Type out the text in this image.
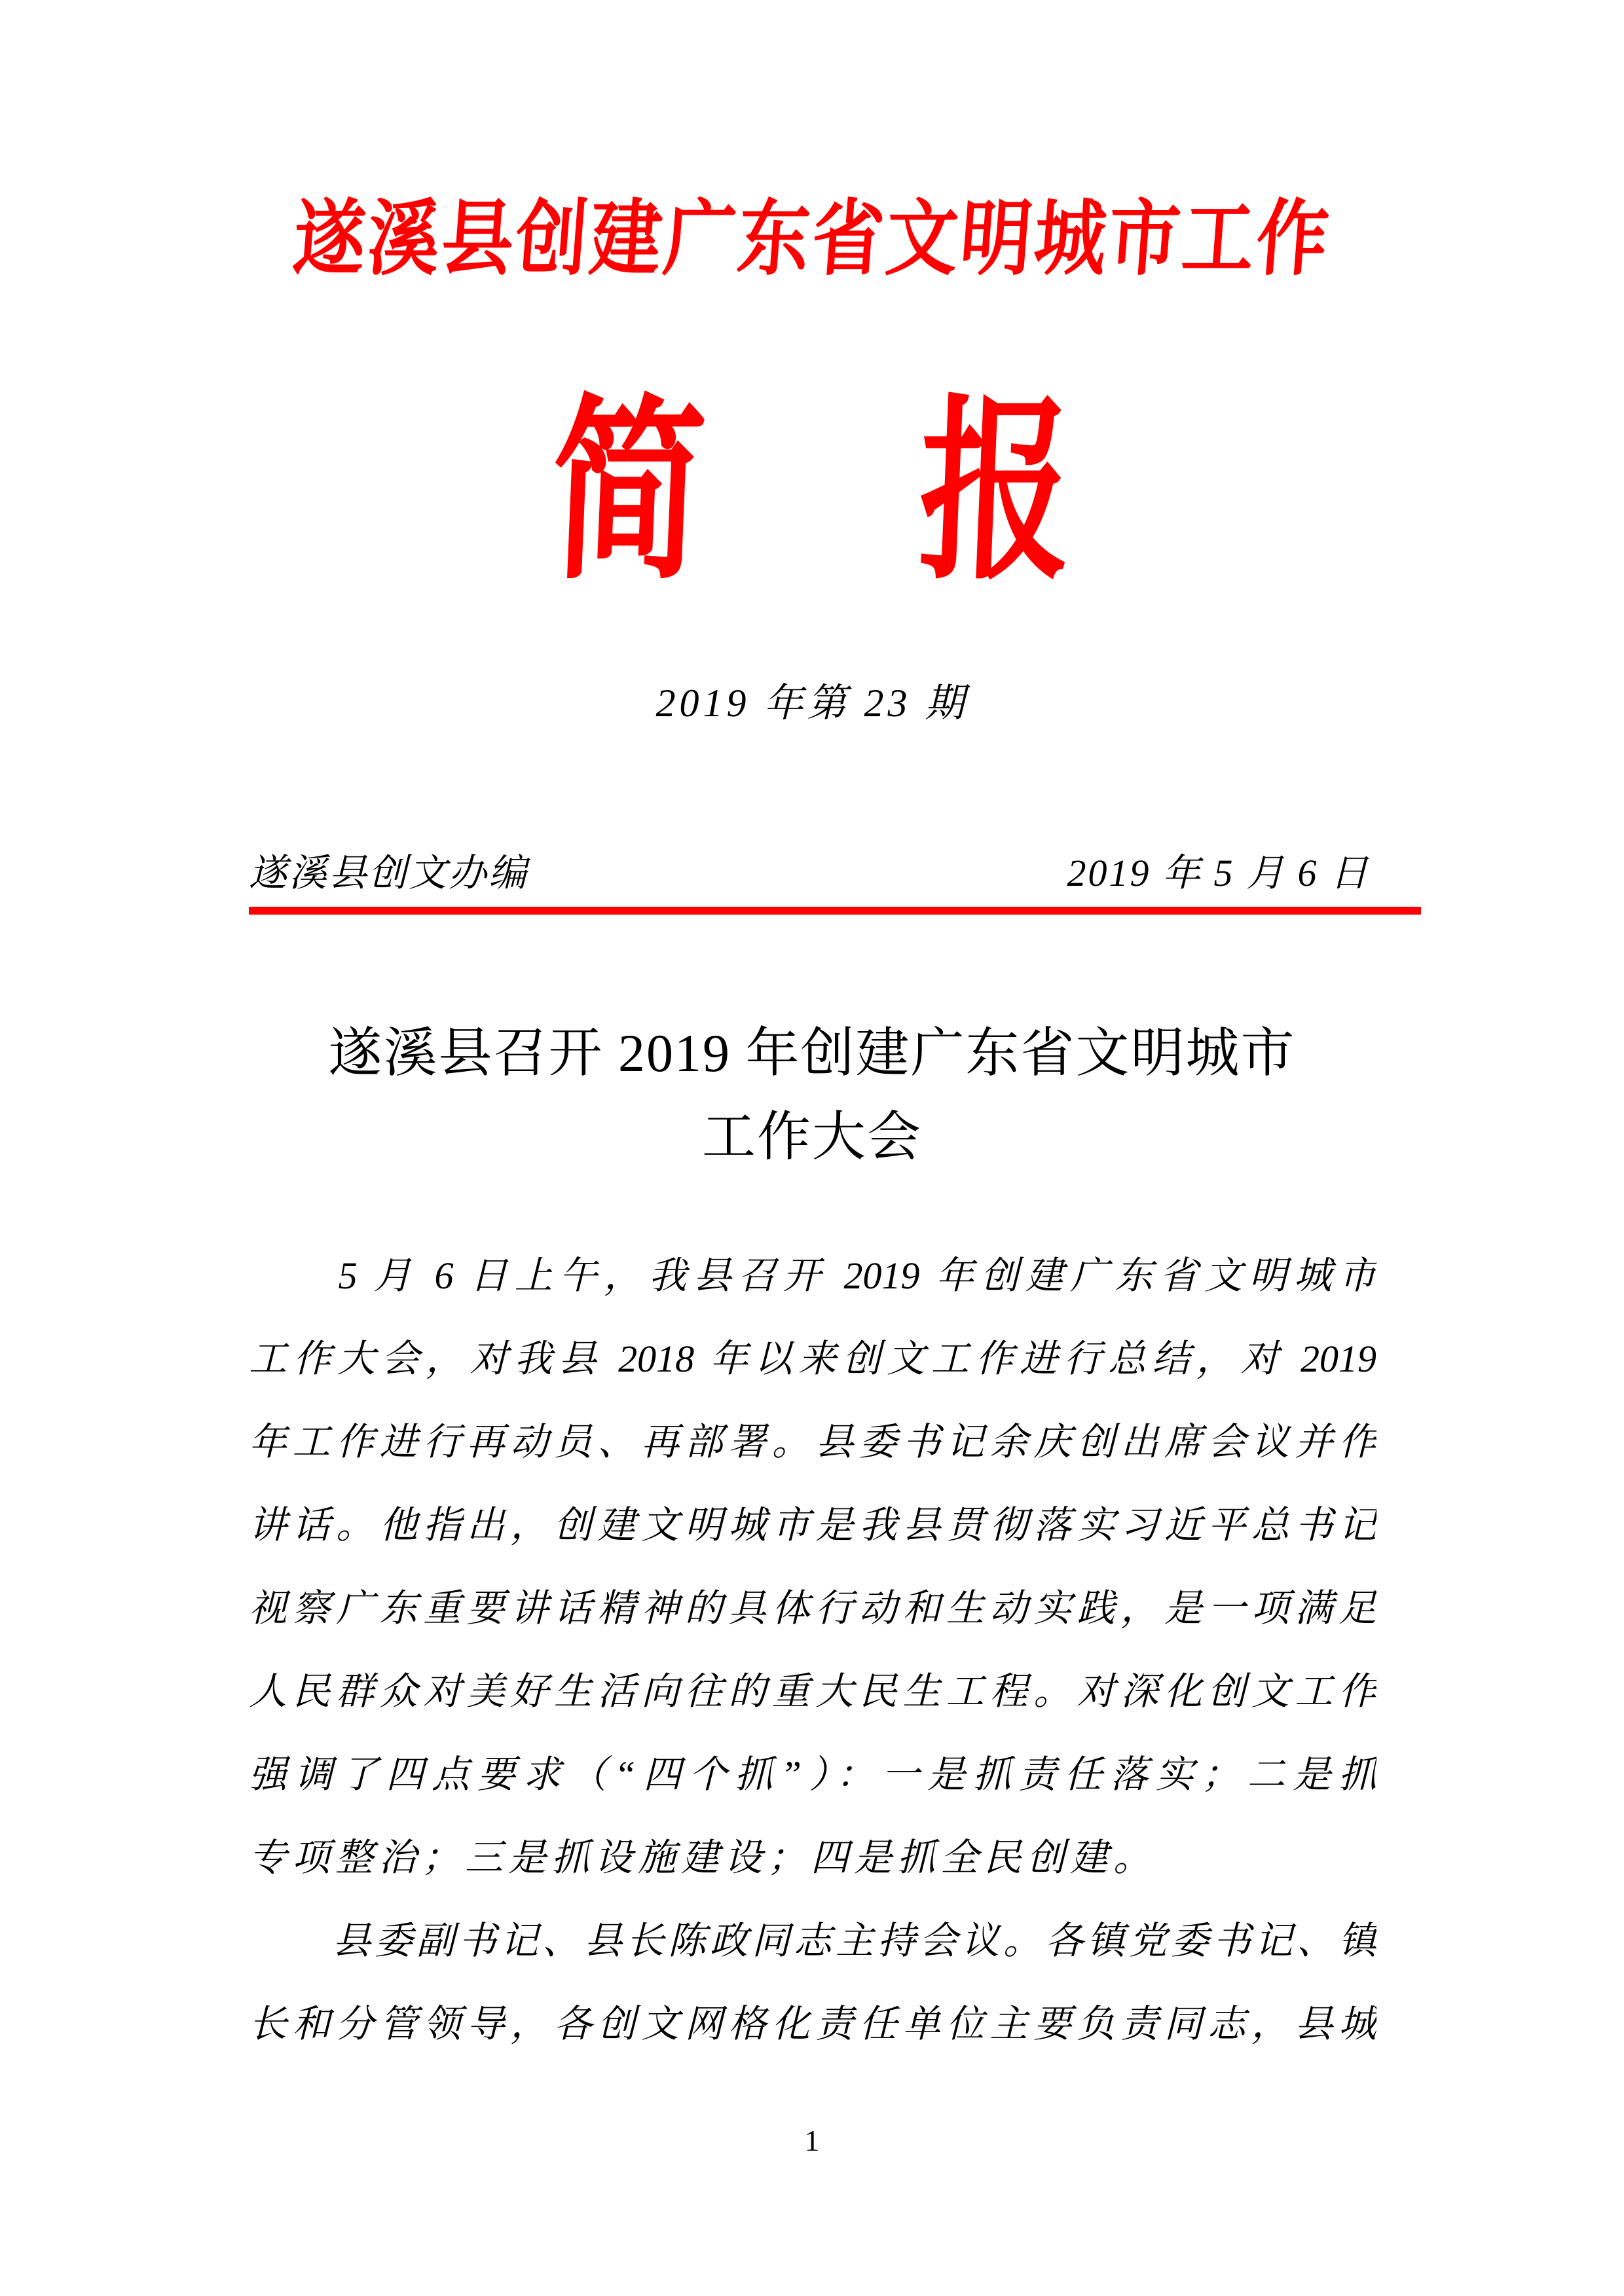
遂溪县创建广东省文明城市工作
简　报
2019 年第 23 期
遂溪县创文办编	2019 年 5 月 6 日
遂溪县召开 2019 年创建广东省文明城市
工作大会
　　5 月 6 日上午，我县召开 2019 年创建广东省文明城市
工作大会，对我县 2018 年以来创文工作进行总结，对 2019
年工作进行再动员、再部署。县委书记余庆创出席会议并作
讲话。他指出，创建文明城市是我县贯彻落实习近平总书记
视察广东重要讲话精神的具体行动和生动实践，是一项满足
人民群众对美好生活向往的重大民生工程。对深化创文工作
强调了四点要求（“四个抓”）：一是抓责任落实；二是抓
专项整治；三是抓设施建设；四是抓全民创建。
　　县委副书记、县长陈政同志主持会议。各镇党委书记、镇
长和分管领导，各创文网格化责任单位主要负责同志，县城
1
